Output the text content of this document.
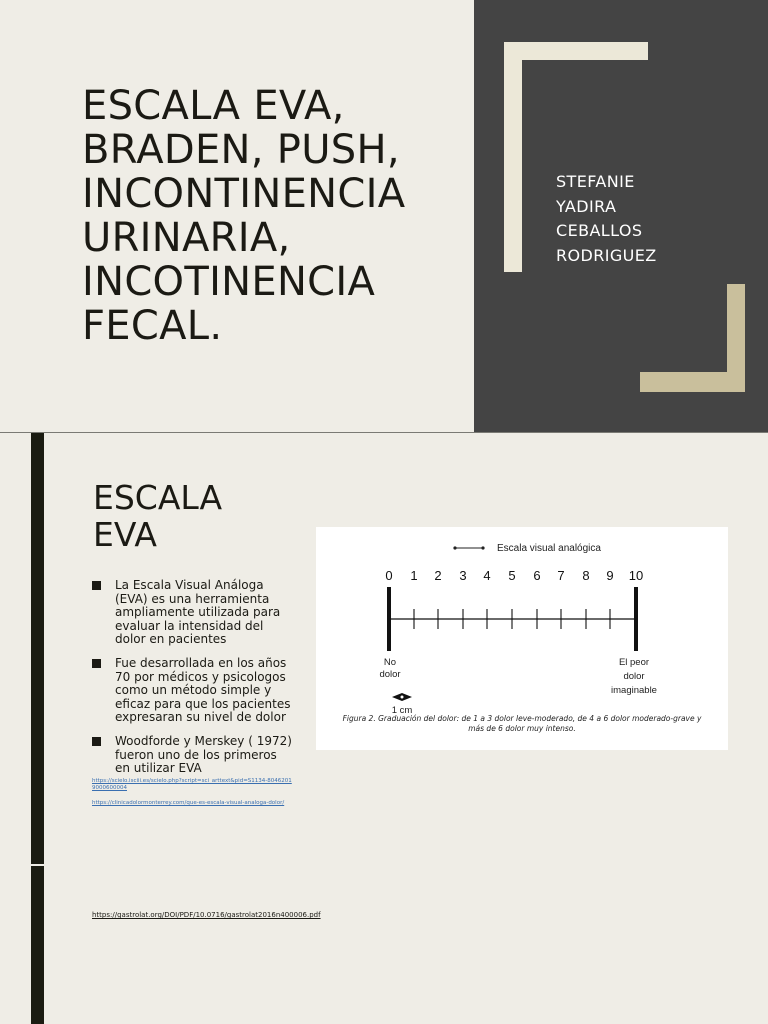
ESCALA EVA,
BRADEN, PUSH,
INCONTINENCIA
URINARIA,
INCOTINENCIA
FECAL.
STEFANIE
YADIRA
CEBALLOS
RODRIGUEZ
ESCALA
EVA
La Escala Visual Análoga (EVA) es una herramienta ampliamente utilizada para evaluar la intensidad del dolor en pacientes
Fue desarrollada en los años 70 por médicos y psicologos como un método simple y eficaz para que los pacientes expresaran su nivel de dolor
Woodforde y Merskey ( 1972) fueron uno de los primeros en utilizar EVA
https://scielo.isciii.es/scielo.php?script=sci_arttext&pid=S1134-80462019000600004
https://clinicadolormonterrey.com/que-es-escala-visual-analoga-dolor/
https://gastrolat.org/DOI/PDF/10.0716/gastrolat2016n400006.pdf
Escala visual analógica
0 1 2 3 4 5 6 7 8 9 10
No
dolor
El peor
dolor
imaginable
1 cm
Figura 2. Graduación del dolor: de 1 a 3 dolor leve-moderado, de 4 a 6 dolor moderado-grave y más de 6 dolor muy intenso.
